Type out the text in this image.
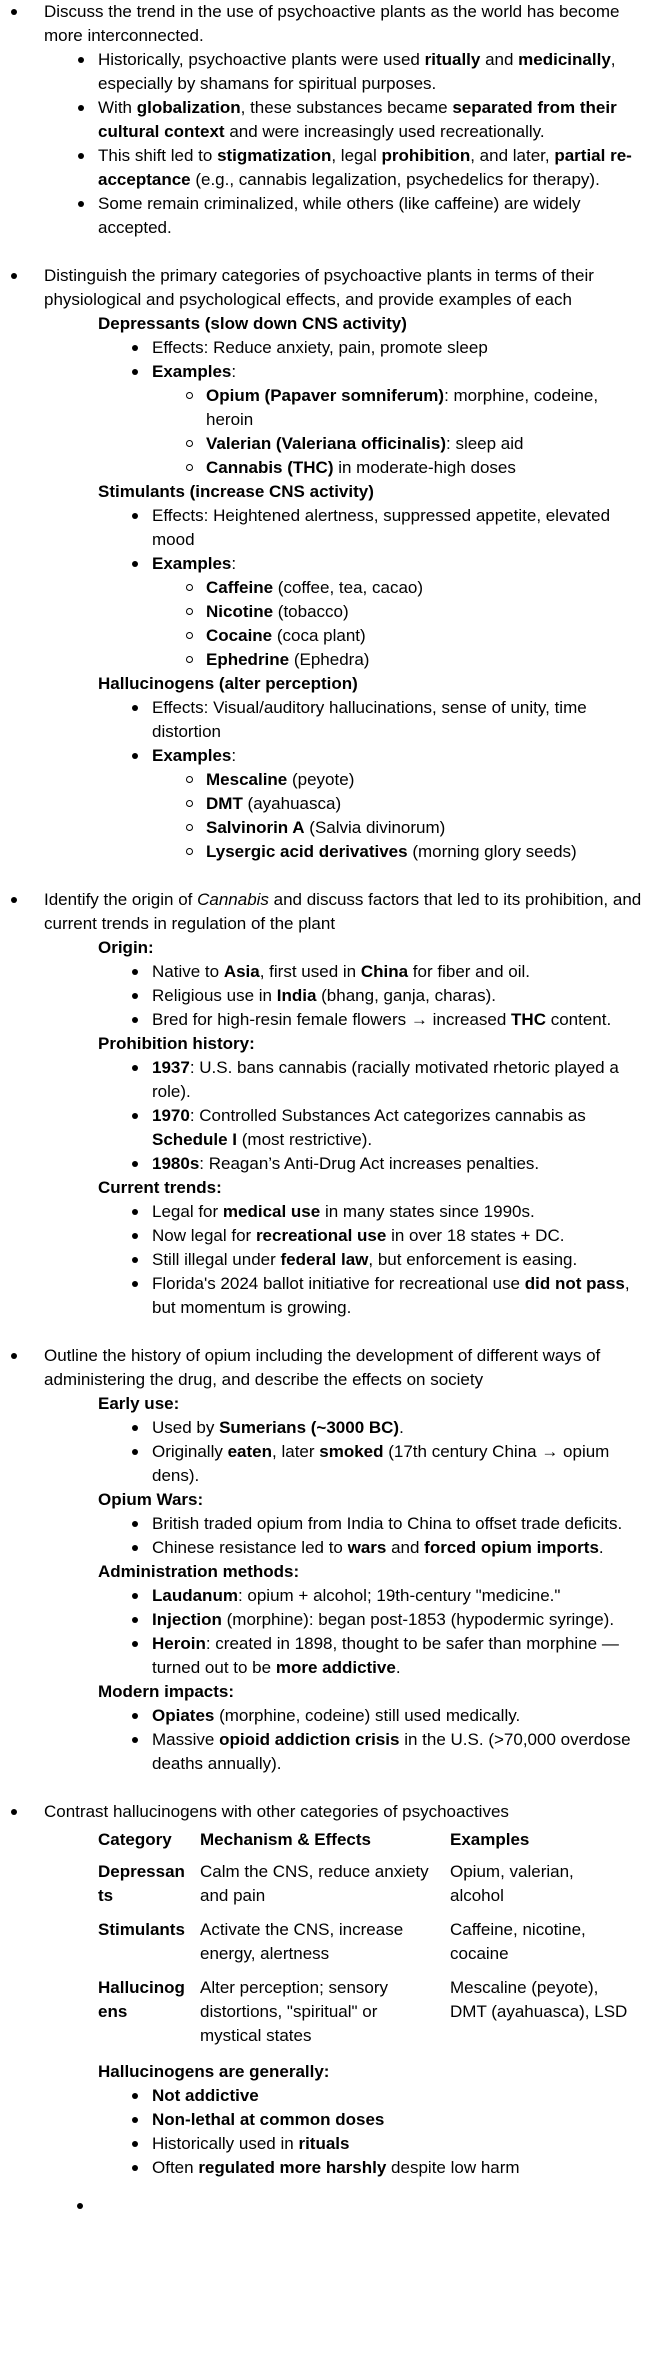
Discuss the trend in the use of psychoactive plants as the world has become more interconnected.
Historically, psychoactive plants were used ritually and medicinally, especially by shamans for spiritual purposes.
With globalization, these substances became separated from their cultural context and were increasingly used recreationally.
This shift led to stigmatization, legal prohibition, and later, partial re-acceptance (e.g., cannabis legalization, psychedelics for therapy).
Some remain criminalized, while others (like caffeine) are widely accepted.
Distinguish the primary categories of psychoactive plants in terms of their physiological and psychological effects, and provide examples of each
Depressants (slow down CNS activity)
Effects: Reduce anxiety, pain, promote sleep
Examples:
Opium (Papaver somniferum): morphine, codeine, heroin
Valerian (Valeriana officinalis): sleep aid
Cannabis (THC) in moderate-high doses
Stimulants (increase CNS activity)
Effects: Heightened alertness, suppressed appetite, elevated mood
Examples:
Caffeine (coffee, tea, cacao)
Nicotine (tobacco)
Cocaine (coca plant)
Ephedrine (Ephedra)
Hallucinogens (alter perception)
Effects: Visual/auditory hallucinations, sense of unity, time distortion
Examples:
Mescaline (peyote)
DMT (ayahuasca)
Salvinorin A (Salvia divinorum)
Lysergic acid derivatives (morning glory seeds)
Identify the origin of Cannabis and discuss factors that led to its prohibition, and current trends in regulation of the plant
Origin:
Native to Asia, first used in China for fiber and oil.
Religious use in India (bhang, ganja, charas).
Bred for high-resin female flowers → increased THC content.
Prohibition history:
1937: U.S. bans cannabis (racially motivated rhetoric played a role).
1970: Controlled Substances Act categorizes cannabis as Schedule I (most restrictive).
1980s: Reagan’s Anti-Drug Act increases penalties.
Current trends:
Legal for medical use in many states since 1990s.
Now legal for recreational use in over 18 states + DC.
Still illegal under federal law, but enforcement is easing.
Florida's 2024 ballot initiative for recreational use did not pass, but momentum is growing.
Outline the history of opium including the development of different ways of administering the drug, and describe the effects on society
Early use:
Used by Sumerians (~3000 BC).
Originally eaten, later smoked (17th century China → opium dens).
Opium Wars:
British traded opium from India to China to offset trade deficits.
Chinese resistance led to wars and forced opium imports.
Administration methods:
Laudanum: opium + alcohol; 19th-century "medicine."
Injection (morphine): began post-1853 (hypodermic syringe).
Heroin: created in 1898, thought to be safer than morphine — turned out to be more addictive.
Modern impacts:
Opiates (morphine, codeine) still used medically.
Massive opioid addiction crisis in the U.S. (>70,000 overdose deaths annually).
Contrast hallucinogens with other categories of psychoactives
Category	Mechanism & Effects	Examples
Depressants	Calm the CNS, reduce anxiety and pain	Opium, valerian, alcohol
Stimulants	Activate the CNS, increase energy, alertness	Caffeine, nicotine, cocaine
Hallucinogens	Alter perception; sensory distortions, "spiritual" or mystical states	Mescaline (peyote), DMT (ayahuasca), LSD
Hallucinogens are generally:
Not addictive
Non-lethal at common doses
Historically used in rituals
Often regulated more harshly despite low harm
